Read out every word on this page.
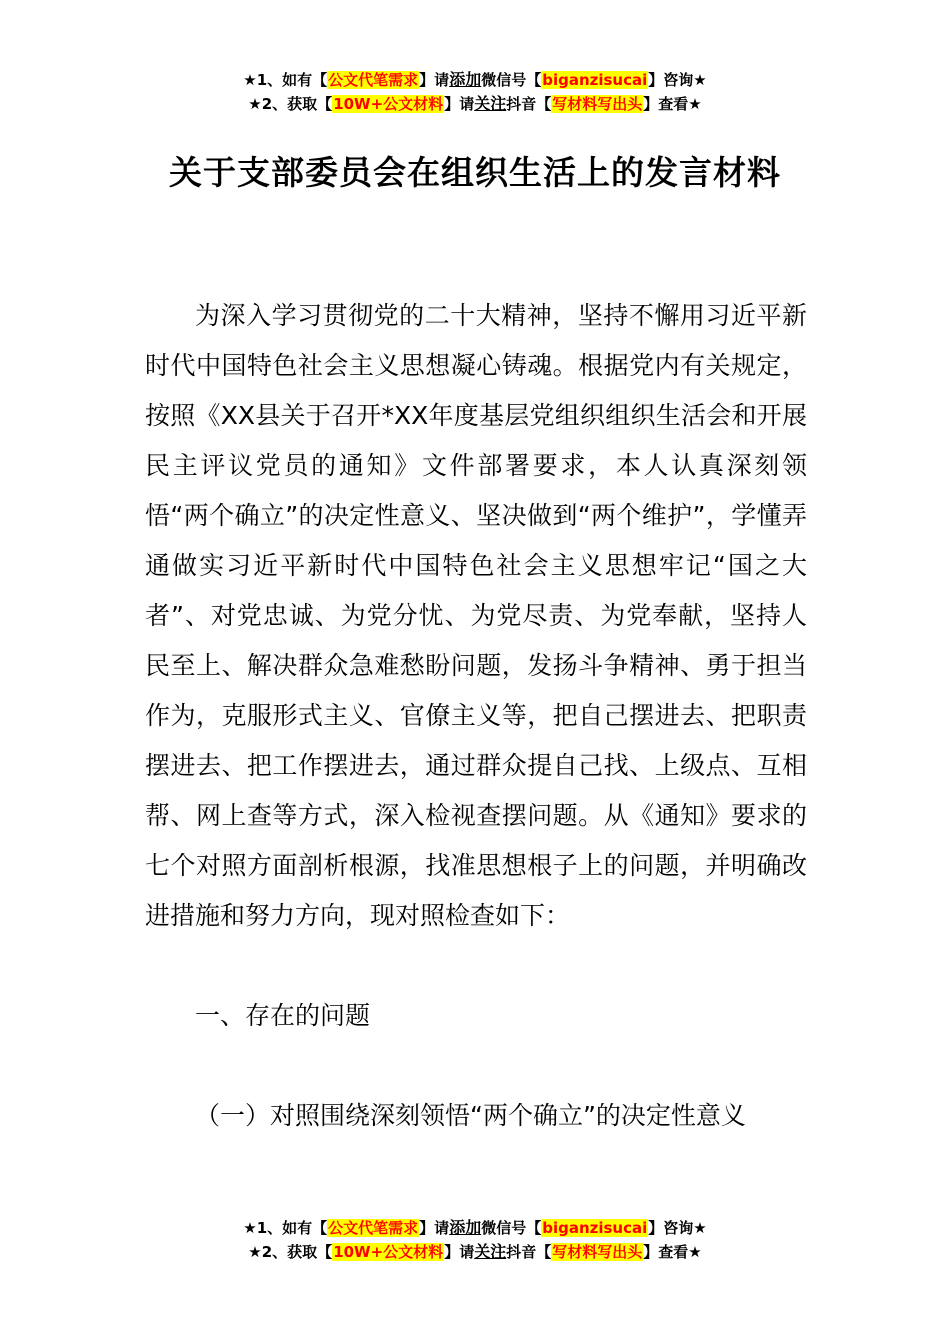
★1、如有【公文代笔需求】请添加微信号【biganzisucai】咨询★
★2、获取【10W+公文材料】请关注抖音【写材料写出头】查看★
关于支部委员会在组织生活上的发言材料

为深入学习贯彻党的二十大精神，坚持不懈用习近平新时代中国特色社会主义思想凝心铸魂。根据党内有关规定，按照《XX县关于召开*XX年度基层党组织组织生活会和开展民主评议党员的通知》文件部署要求，本人认真深刻领悟“两个确立”的决定性意义、坚决做到“两个维护”，学懂弄通做实习近平新时代中国特色社会主义思想牢记“国之大者”、对党忠诚、为党分忧、为党尽责、为党奉献，坚持人民至上、解决群众急难愁盼问题，发扬斗争精神、勇于担当作为，克服形式主义、官僚主义等，把自己摆进去、把职责摆进去、把工作摆进去，通过群众提自己找、上级点、互相帮、网上查等方式，深入检视查摆问题。从《通知》要求的七个对照方面剖析根源，找准思想根子上的问题，并明确改进措施和努力方向，现对照检查如下：

一、存在的问题

（一）对照围绕深刻领悟“两个确立”的决定性意义

★1、如有【公文代笔需求】请添加微信号【biganzisucai】咨询★
★2、获取【10W+公文材料】请关注抖音【写材料写出头】查看★
